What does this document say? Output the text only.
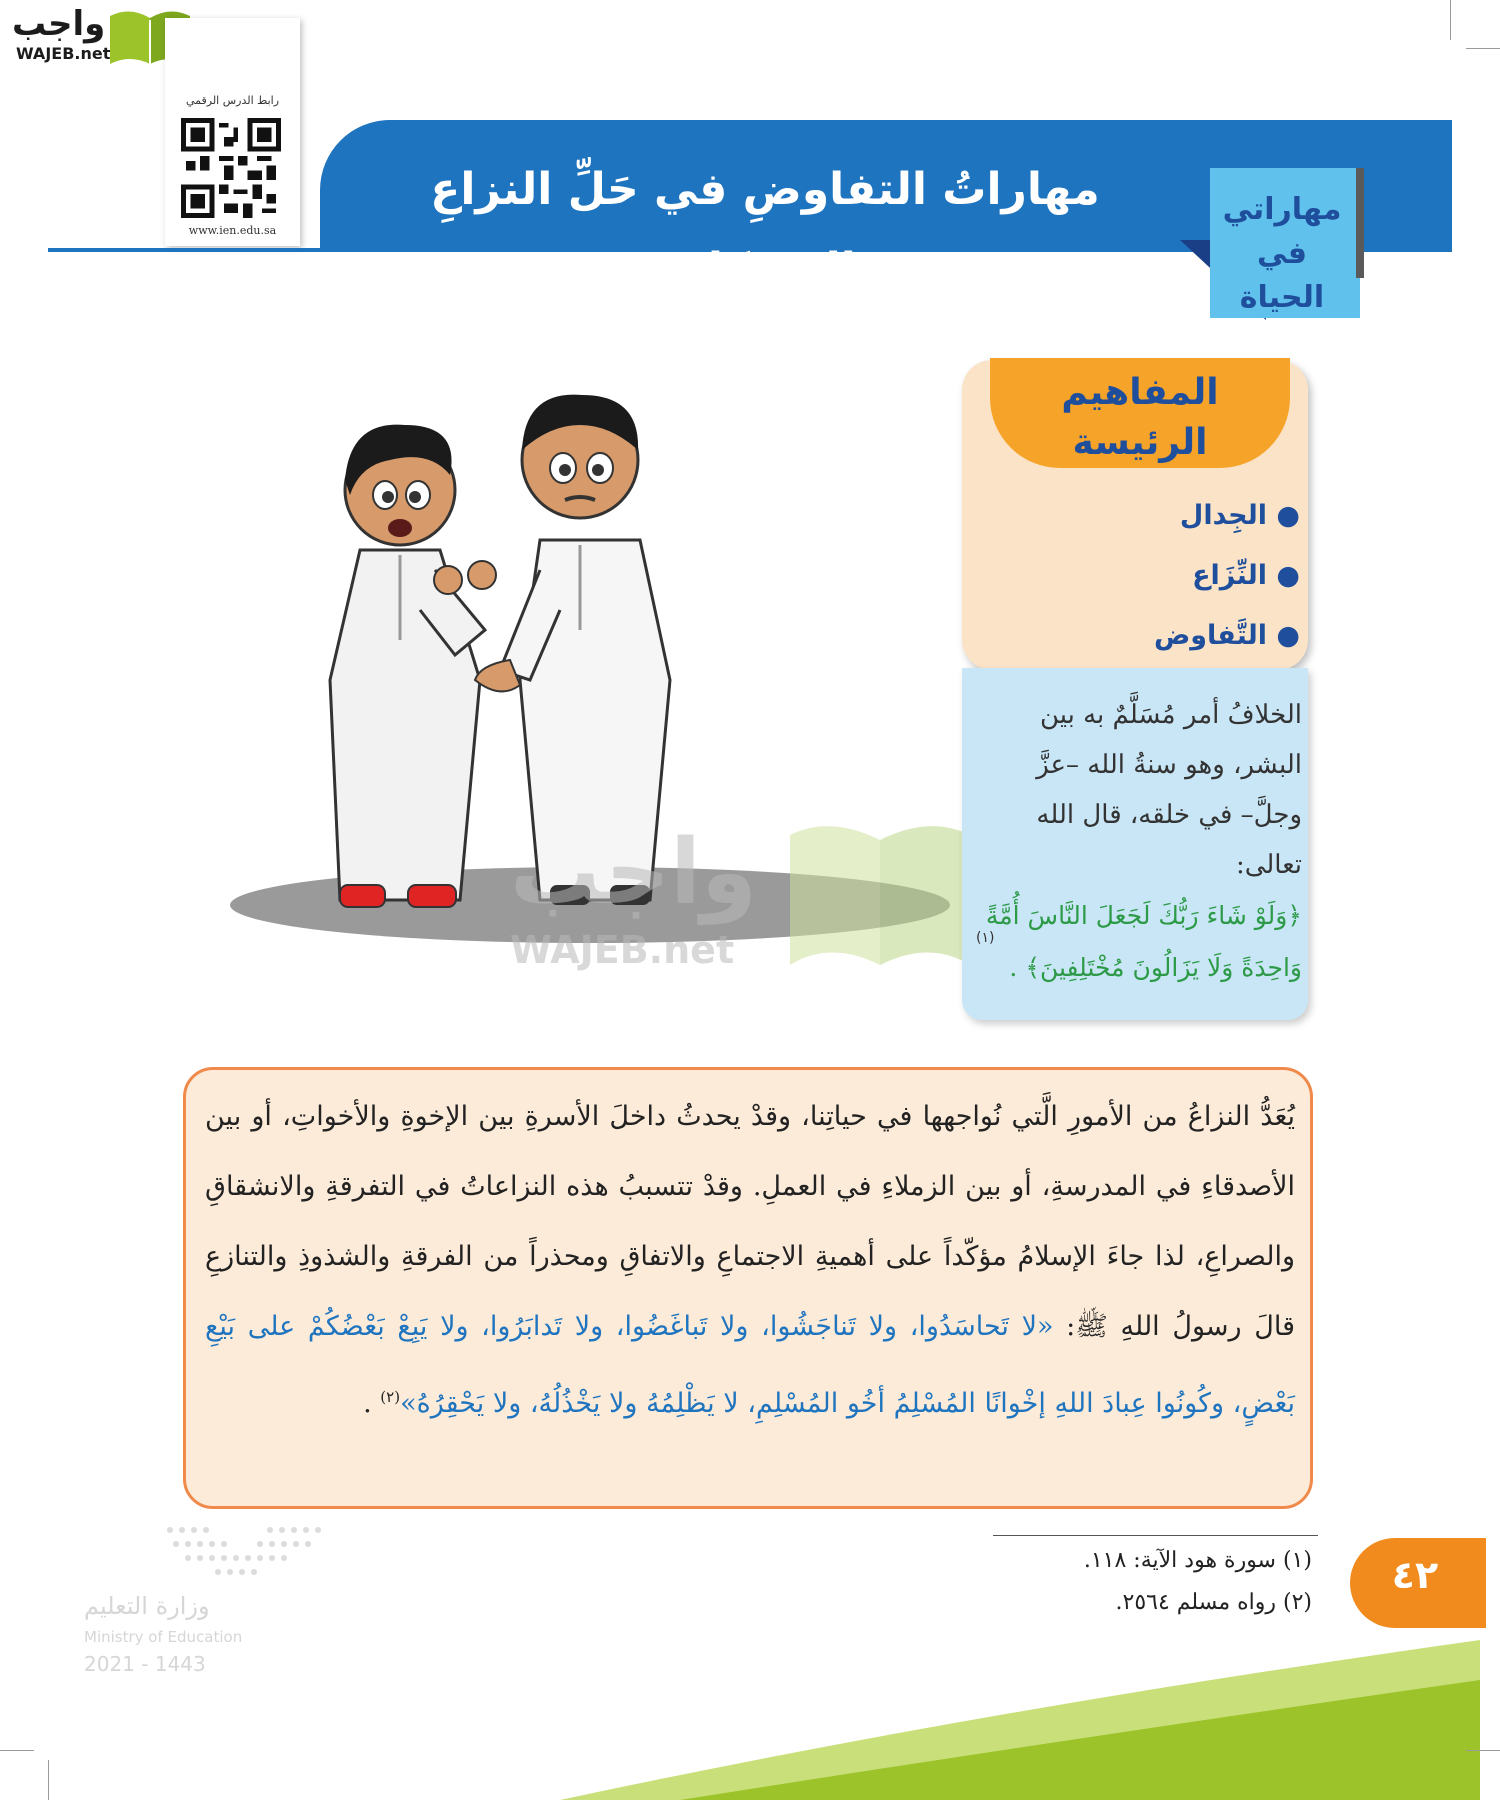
واجب
WAJEB.net
رابط الدرس الرقمي
www.ien.edu.sa
مهاراتُ التفاوضِ في حَلِّ النزاعِ والمشكِلات
مهاراتي
في الحياة
واجب
WAJEB.net
المفاهيم
الرئيسة
● الجِدال
● النِّزَاع
● التَّفاوض
الخلافُ أمر مُسَلَّمٌ به بين البشر، وهو سنةُ الله –عزَّ وجلَّ– في خلقه، قال الله تعالى:
﴿وَلَوْ شَاءَ رَبُّكَ لَجَعَلَ النَّاسَ أُمَّةً وَاحِدَةً وَلَا يَزَالُونَ مُخْتَلِفِينَ﴾ .
(١)
يُعَدُّ النزاعُ من الأمورِ الَّتي نُواجهها في حياتِنا، وقدْ يحدثُ داخلَ الأسرةِ بين الإخوةِ والأخواتِ، أو بين الأصدقاءِ في المدرسةِ، أو بين الزملاءِ في العملِ. وقدْ تتسببُ هذه النزاعاتُ في التفرقةِ والانشقاقِ والصراعِ، لذا جاءَ الإسلامُ مؤكّداً على أهميةِ الاجتماعِ والاتفاقِ ومحذراً من الفرقةِ والشذوذِ والتنازعِ قالَ رسولُ اللهِ ﷺ: «لا تَحاسَدُوا، ولا تَناجَشُوا، ولا تَباغَضُوا، ولا تَدابَرُوا، ولا يَبِعْ بَعْضُكُمْ على بَيْعِ بَعْضٍ، وكُونُوا عِبادَ اللهِ إخْوانًا المُسْلِمُ أخُو المُسْلِمِ، لا يَظْلِمُهُ ولا يَخْذُلُهُ، ولا يَحْقِرُهُ»$^{(٢)}$ .
(١) سورة هود الآية: ١١٨.
(٢) رواه مسلم ٢٥٦٤.
٤٢
وزارة التعليم
Ministry of Education
2021 - 1443
